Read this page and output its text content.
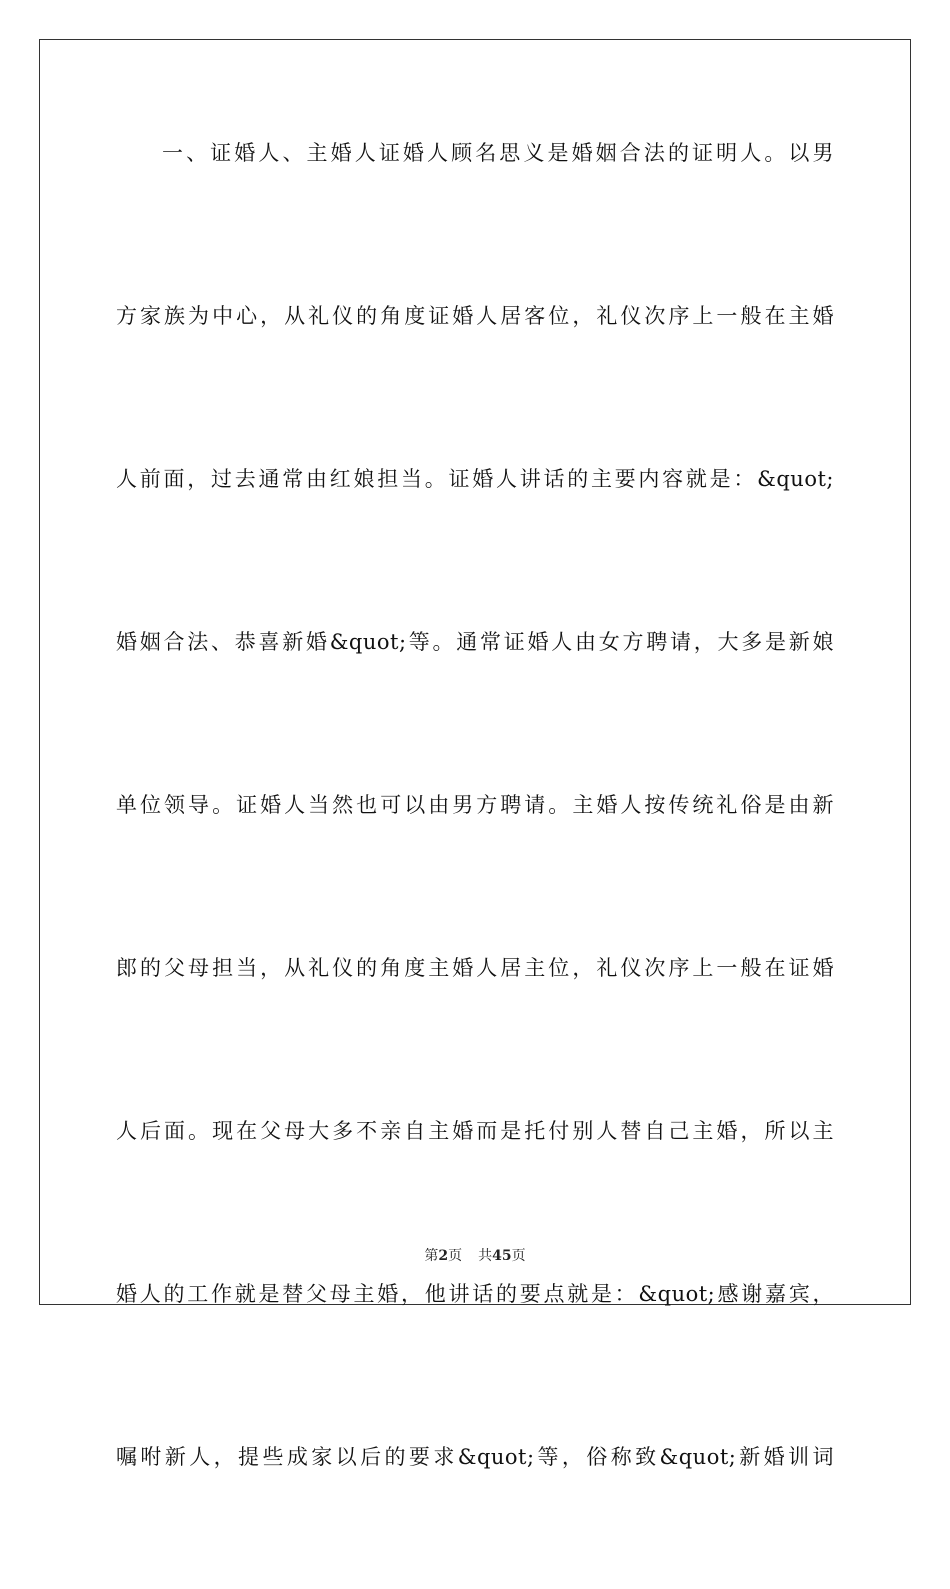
一、证婚人、主婚人证婚人顾名思义是婚姻合法的证明人。以男
方家族为中心，从礼仪的角度证婚人居客位，礼仪次序上一般在主婚
人前面，过去通常由红娘担当。证婚人讲话的主要内容就是：&quot;
婚姻合法、恭喜新婚&quot;等。通常证婚人由女方聘请，大多是新娘
单位领导。证婚人当然也可以由男方聘请。主婚人按传统礼俗是由新
郎的父母担当，从礼仪的角度主婚人居主位，礼仪次序上一般在证婚
人后面。现在父母大多不亲自主婚而是托付别人替自己主婚，所以主
婚人的工作就是替父母主婚，他讲话的要点就是：&quot;感谢嘉宾，
嘱咐新人，提些成家以后的要求&quot;等，俗称致&quot;新婚训词
第2页 共45页
